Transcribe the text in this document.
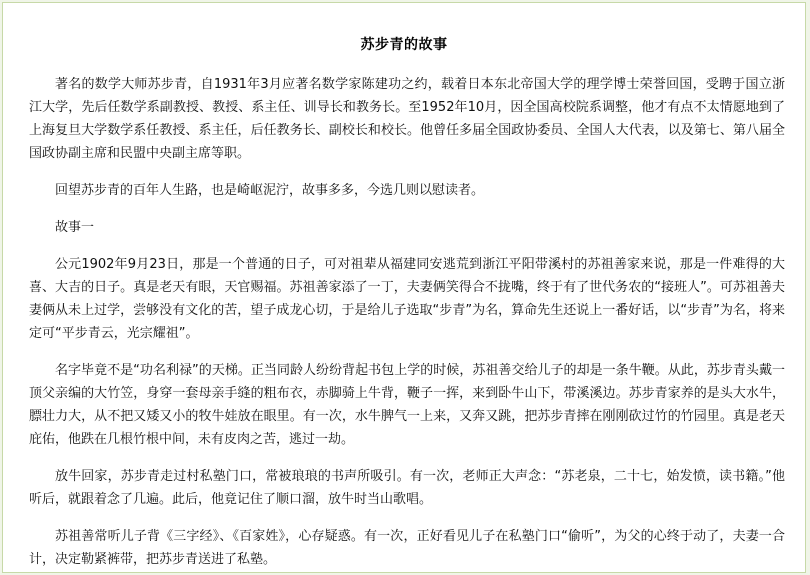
苏步青的故事

著名的数学大师苏步青，自1931年3月应著名数学家陈建功之约，载着日本东北帝国大学的理学博士荣誉回国，受聘于国立浙江大学，先后任数学系副教授、教授、系主任、训导长和教务长。至1952年10月，因全国高校院系调整，他才有点不太情愿地到了上海复旦大学数学系任教授、系主任，后任教务长、副校长和校长。他曾任多届全国政协委员、全国人大代表，以及第七、第八届全国政协副主席和民盟中央副主席等职。

回望苏步青的百年人生路，也是崎岖泥泞，故事多多，今选几则以慰读者。

故事一

公元1902年9月23日，那是一个普通的日子，可对祖辈从福建同安逃荒到浙江平阳带溪村的苏祖善家来说，那是一件难得的大喜、大吉的日子。真是老天有眼，天官赐福。苏祖善家添了一丁，夫妻俩笑得合不拢嘴，终于有了世代务农的“接班人”。可苏祖善夫妻俩从未上过学，尝够没有文化的苦，望子成龙心切，于是给儿子选取“步青”为名，算命先生还说上一番好话，以“步青”为名，将来定可“平步青云，光宗耀祖”。

名字毕竟不是“功名利禄”的天梯。正当同龄人纷纷背起书包上学的时候，苏祖善交给儿子的却是一条牛鞭。从此，苏步青头戴一顶父亲编的大竹笠，身穿一套母亲手缝的粗布衣，赤脚骑上牛背，鞭子一挥，来到卧牛山下，带溪溪边。苏步青家养的是头大水牛，膘壮力大，从不把又矮又小的牧牛娃放在眼里。有一次，水牛脾气一上来，又奔又跳，把苏步青摔在刚刚砍过竹的竹园里。真是老天庇佑，他跌在几根竹根中间，未有皮肉之苦，逃过一劫。

放牛回家，苏步青走过村私塾门口，常被琅琅的书声所吸引。有一次，老师正大声念：“苏老泉，二十七，始发愤，读书籍。”他听后，就跟着念了几遍。此后，他竟记住了顺口溜，放牛时当山歌唱。

苏祖善常听儿子背《三字经》、《百家姓》，心存疑惑。有一次，正好看见儿子在私塾门口“偷听”，为父的心终于动了，夫妻一合计，决定勒紧裤带，把苏步青送进了私塾。
